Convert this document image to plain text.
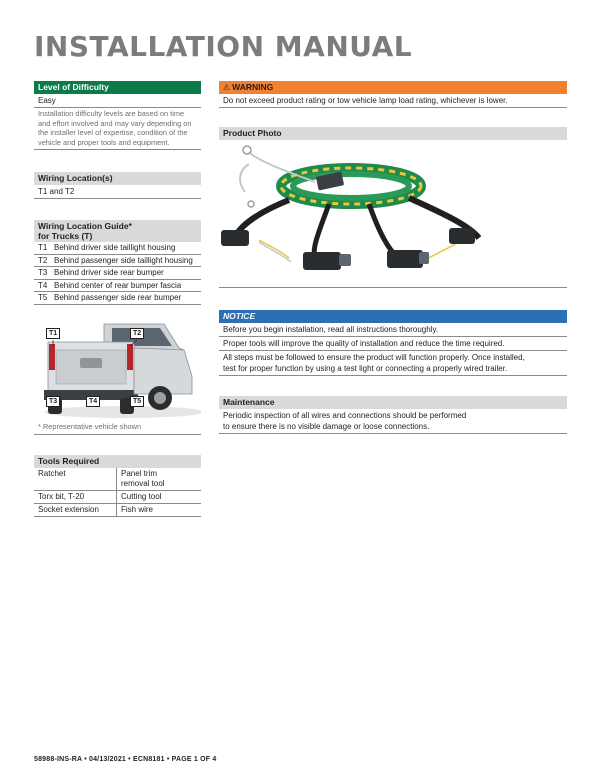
INSTALLATION MANUAL
Level of Difficulty
Easy
Installation difficulty levels are based on time and effort involved and may vary depending on the installer level of expertise, condition of the vehicle and proper tools and equipment.
Wiring Location(s)
T1 and T2
Wiring Location Guide*
for Trucks (T)
T1 Behind driver side taillight housing
T2 Behind passenger side taillight housing
T3 Behind driver side rear bumper
T4 Behind center of rear bumper fascia
T5 Behind passenger side rear bumper
T1	T2
T3	T4	T5
* Representative vehicle shown
Tools Required
Ratchet	Panel trim
removal tool
Torx bit, T-20	Cutting tool
Socket extension	Fish wire
⚠ WARNING
Do not exceed product rating or tow vehicle lamp load rating, whichever is lower.
Product Photo
NOTICE
Before you begin installation, read all instructions thoroughly.
Proper tools will improve the quality of installation and reduce the time required.
All steps must be followed to ensure the product will function properly. Once installed,
test for proper function by using a test light or connecting a properly wired trailer.
Maintenance
Periodic inspection of all wires and connections should be performed
to ensure there is no visible damage or loose connections.
58988-INS-RA • 04/13/2021 • ECN8181 • PAGE 1 OF 4
